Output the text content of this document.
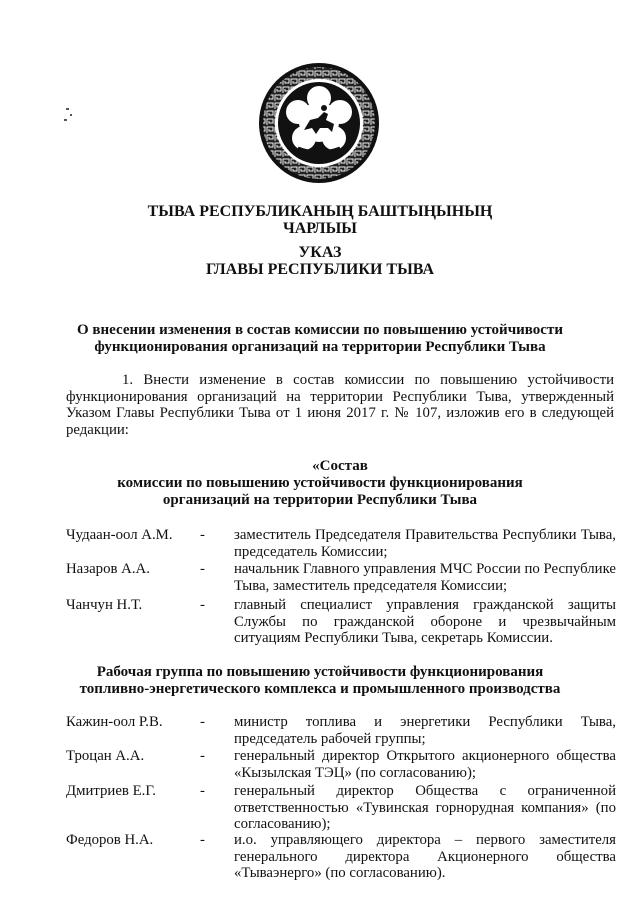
ТЫВА РЕСПУБЛИКАНЫҢ БАШТЫҢЫНЫҢ
ЧАРЛЫЫ
УКАЗ
ГЛАВЫ РЕСПУБЛИКИ ТЫВА
О внесении изменения в состав комиссии по повышению устойчивости
функционирования организаций на территории Республики Тыва
1. Внести изменение в состав комиссии по повышению устойчивости функционирования организаций на территории Республики Тыва, утвержденный Указом Главы Республики Тыва от 1 июня 2017 г. № 107, изложив его в следующей редакции:
«Состав
комиссии по повышению устойчивости функционирования
организаций на территории Республики Тыва
Чудаан-оол А.М. - заместитель Председателя Правительства Республики Тыва, председатель Комиссии;
Назаров А.А.	- начальник Главного управления МЧС России по Республике Тыва, заместитель председателя Комиссии;
Чанчун Н.Т.	- главный специалист управления гражданской защиты Службы по гражданской обороне и чрезвычайным ситуациям Республики Тыва, секретарь Комиссии.
Рабочая группа по повышению устойчивости функционирования
топливно-энергетического комплекса и промышленного производства
Кажин-оол Р.В.	- министр топлива и энергетики Республики Тыва, председатель рабочей группы;
Троцан А.А.	- генеральный директор Открытого акционерного общества «Кызылская ТЭЦ» (по согласованию);
Дмитриев Е.Г.	- генеральный директор Общества с ограниченной ответственностью «Тувинская горнорудная компания» (по согласованию);
Федоров Н.А.	- и.о. управляющего директора – первого заместителя генерального директора Акционерного общества «Тываэнерго» (по согласованию).
